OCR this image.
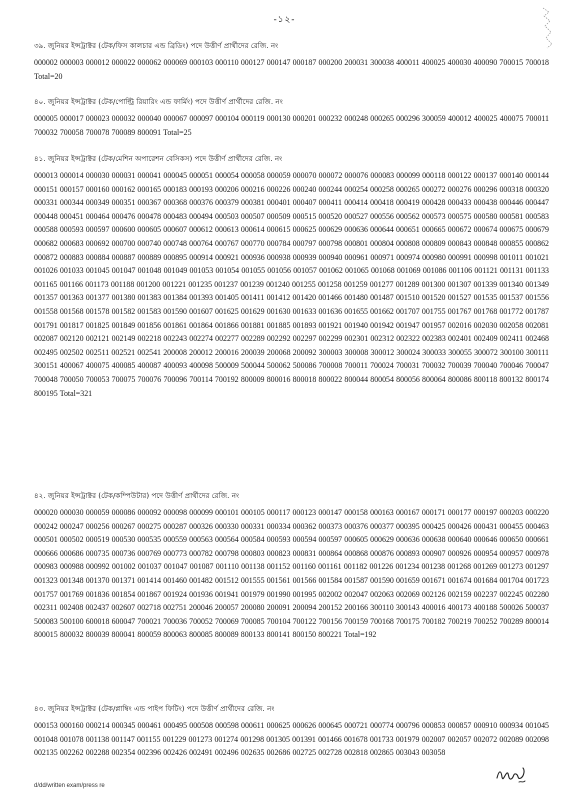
-১২-
৩৯. জুনিয়র ইন্সট্রাক্টর (টেক/ফিস কালচার এন্ড ব্রিডিং) পদে উত্তীর্ণ প্রার্থীদের রেজি. নং

000002 000003 000012 000022 000062 000069 000103 000110 000127 000147 000187 000200 200031 300038 400011 400025 400030 400090 700015 700018 Total=20

৪০. জুনিয়র ইন্সট্রাক্টর (টেক/পোল্ট্রি রিয়ারিং এন্ড ফার্মিং) পদে উত্তীর্ণ প্রার্থীদের রেজি. নং

000005 000017 000023 000032 000040 000067 000097 000104 000119 000130 000201 000232 000248 000265 000296 300059 400012 400025 400075 700011 700032 700058 700078 700089 800091 Total=25

৪১. জুনিয়র ইন্সট্রাক্টর (টেক/মেশিন অপারেশন বেসিকস) পদে উত্তীর্ণ প্রার্থীদের রেজি. নং

000013 000014 000030 000031 000041 000045 000051 000054 000058 000059 000070 000072 000076 000083 000099 000118 000122 000137 000140 000144 000151 000157 000160 000162 000165 000183 000193 000206 000216 000226 000240 000244 000254 000258 000265 000272 000276 000296 000318 000320 000331 000344 000349 000351 000367 000368 000376 000379 000381 000401 000407 000411 000414 000418 000419 000428 000433 000438 000446 000447 000448 000451 000464 000476 000478 000483 000494 000503 000507 000509 000515 000520 000527 000556 000562 000573 000575 000580 000581 000583 000588 000593 000597 000600 000605 000607 000612 000613 000614 000615 000625 000629 000636 000644 000651 000665 000672 000674 000675 000679 000682 000683 000692 000700 000740 000748 000764 000767 000770 000784 000797 000798 000801 000804 000808 000809 000843 000848 000855 000862 000872 000883 000884 000887 000889 000895 000914 000921 000936 000938 000939 000940 000961 000971 000974 000980 000991 000998 001011 001021 001026 001033 001045 001047 001048 001049 001053 001054 001055 001056 001057 001062 001065 001068 001069 001086 001106 001121 001131 001133 001165 001166 001173 001188 001200 001221 001235 001237 001239 001240 001255 001258 001259 001277 001289 001300 001307 001339 001340 001349 001357 001363 001377 001380 001383 001384 001393 001405 001411 001412 001420 001466 001480 001487 001510 001520 001527 001535 001537 001556 001558 001568 001578 001582 001583 001590 001607 001625 001629 001630 001633 001636 001655 001662 001707 001755 001767 001768 001772 001787 001791 001817 001825 001849 001856 001861 001864 001866 001881 001885 001893 001921 001940 001942 001947 001957 002016 002030 002058 002081 002087 002120 002121 002149 002218 002243 002274 002277 002289 002292 002297 002299 002301 002312 002322 002383 002401 002409 002411 002468 002495 002502 002511 002521 002541 200008 200012 200016 200039 200068 200092 300003 300008 300012 300024 300033 300055 300072 300100 300111 300151 400067 400075 400085 400087 400093 400098 500009 500044 500062 500086 700008 700011 700024 700031 700032 700039 700040 700046 700047 700048 700050 700053 700075 700076 700096 700114 700192 800009 800016 800018 800022 800044 800054 800056 800064 800086 800118 800132 800174 800195 Total=321

৪২. জুনিয়র ইন্সট্রাক্টর (টেক/কম্পিউটার) পদে উত্তীর্ণ প্রার্থীদের রেজি. নং

000020 000030 000059 000086 000092 000098 000099 000101 000105 000117 000123 000147 000158 000163 000167 000171 000177 000197 000203 000220 000242 000247 000256 000267 000275 000287 000326 000330 000331 000334 000362 000373 000376 000377 000395 000425 000426 000431 000455 000463 000501 000502 000519 000530 000535 000559 000563 000564 000584 000593 000594 000597 000605 000629 000636 000638 000640 000646 000650 000661 000666 000686 000735 000736 000769 000773 000782 000798 000803 000823 000831 000864 000868 000876 000893 000907 000926 000954 000957 000978 000983 000988 000992 001002 001037 001047 001087 001110 001138 001152 001160 001161 001182 001226 001234 001238 001268 001269 001273 001297 001323 001348 001370 001371 001414 001460 001482 001512 001555 001561 001566 001584 001587 001590 001659 001671 001674 001684 001704 001723 001757 001769 001836 001854 001867 001924 001936 001941 001979 001990 001995 002002 002047 002063 002069 002126 002159 002237 002245 002280 002311 002408 002437 002607 002718 002751 200046 200057 200080 200091 200094 200152 200166 300110 300143 400016 400173 400188 500026 500037 500083 500100 600018 600047 700021 700036 700052 700069 700085 700104 700122 700156 700159 700168 700175 700182 700219 700252 700289 800014 800015 800032 800039 800041 800059 800063 800085 800089 800133 800141 800150 800221 Total=192

৪৩. জুনিয়র ইন্সট্রাক্টর (টেক/প্লাম্বিং এন্ড পাইপ ফিটিং) পদে উত্তীর্ণ প্রার্থীদের রেজি. নং

000153 000160 000214 000345 000461 000495 000508 000598 000611 000625 000626 000645 000721 000774 000796 000853 000857 000910 000934 001045 001048 001078 001138 001147 001155 001229 001273 001274 001298 001305 001391 001466 001678 001733 001979 002007 002057 002072 002089 002098 002135 002262 002288 002354 002396 002426 002491 002496 002635 002686 002725 002728 002818 002865 003043 003058

d/dd/written exam/press re
